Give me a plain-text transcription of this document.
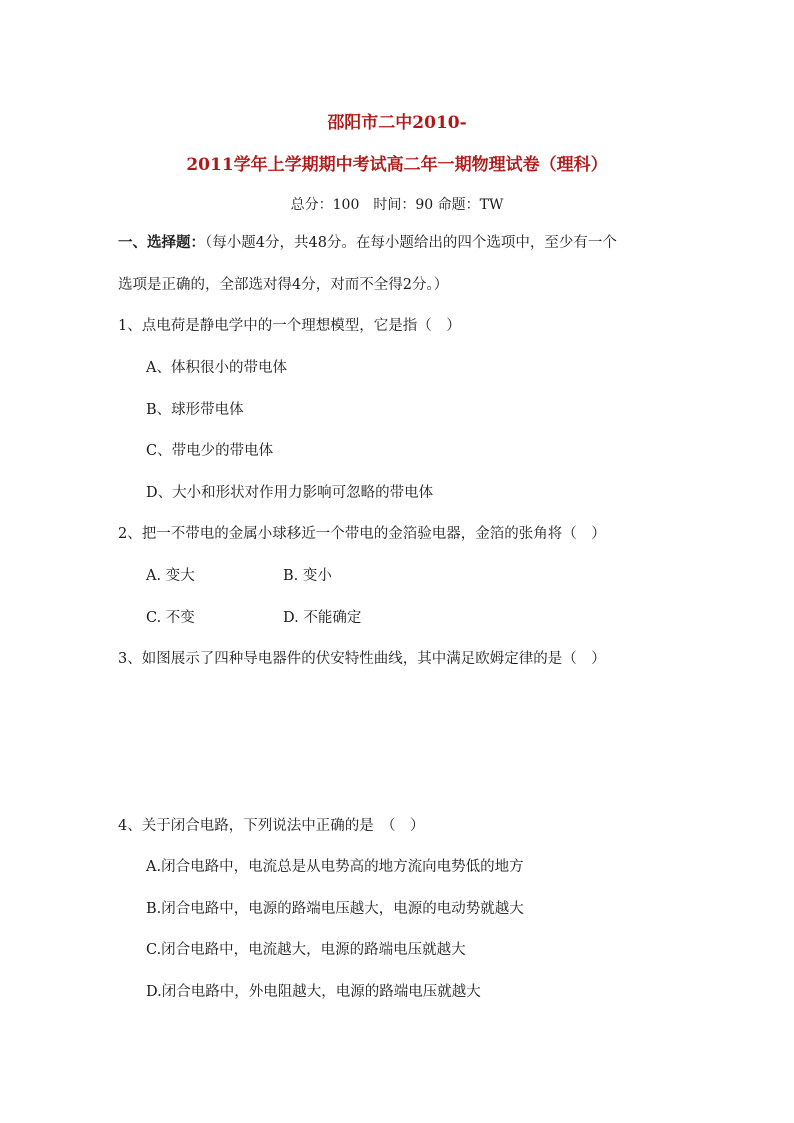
邵阳市二中2010-
2011学年上学期期中考试高二年一期物理试卷（理科）
总分：100　时间：90 命题：TW
一、选择题：（每小题4分，共48分。在每小题给出的四个选项中，至少有一个
选项是正确的，全部选对得4分，对而不全得2分。）
1、点电荷是静电学中的一个理想模型，它是指（　）
A、体积很小的带电体
B、球形带电体
C、带电少的带电体
D、大小和形状对作用力影响可忽略的带电体
2、把一不带电的金属小球移近一个带电的金箔验电器，金箔的张角将（　）
A. 变大	B. 变小
C. 不变	D. 不能确定
3、如图展示了四种导电器件的伏安特性曲线，其中满足欧姆定律的是（　）
4、关于闭合电路，下列说法中正确的是　（　）
A.闭合电路中，电流总是从电势高的地方流向电势低的地方
B.闭合电路中，电源的路端电压越大，电源的电动势就越大
C.闭合电路中，电流越大，电源的路端电压就越大
D.闭合电路中，外电阻越大，电源的路端电压就越大
